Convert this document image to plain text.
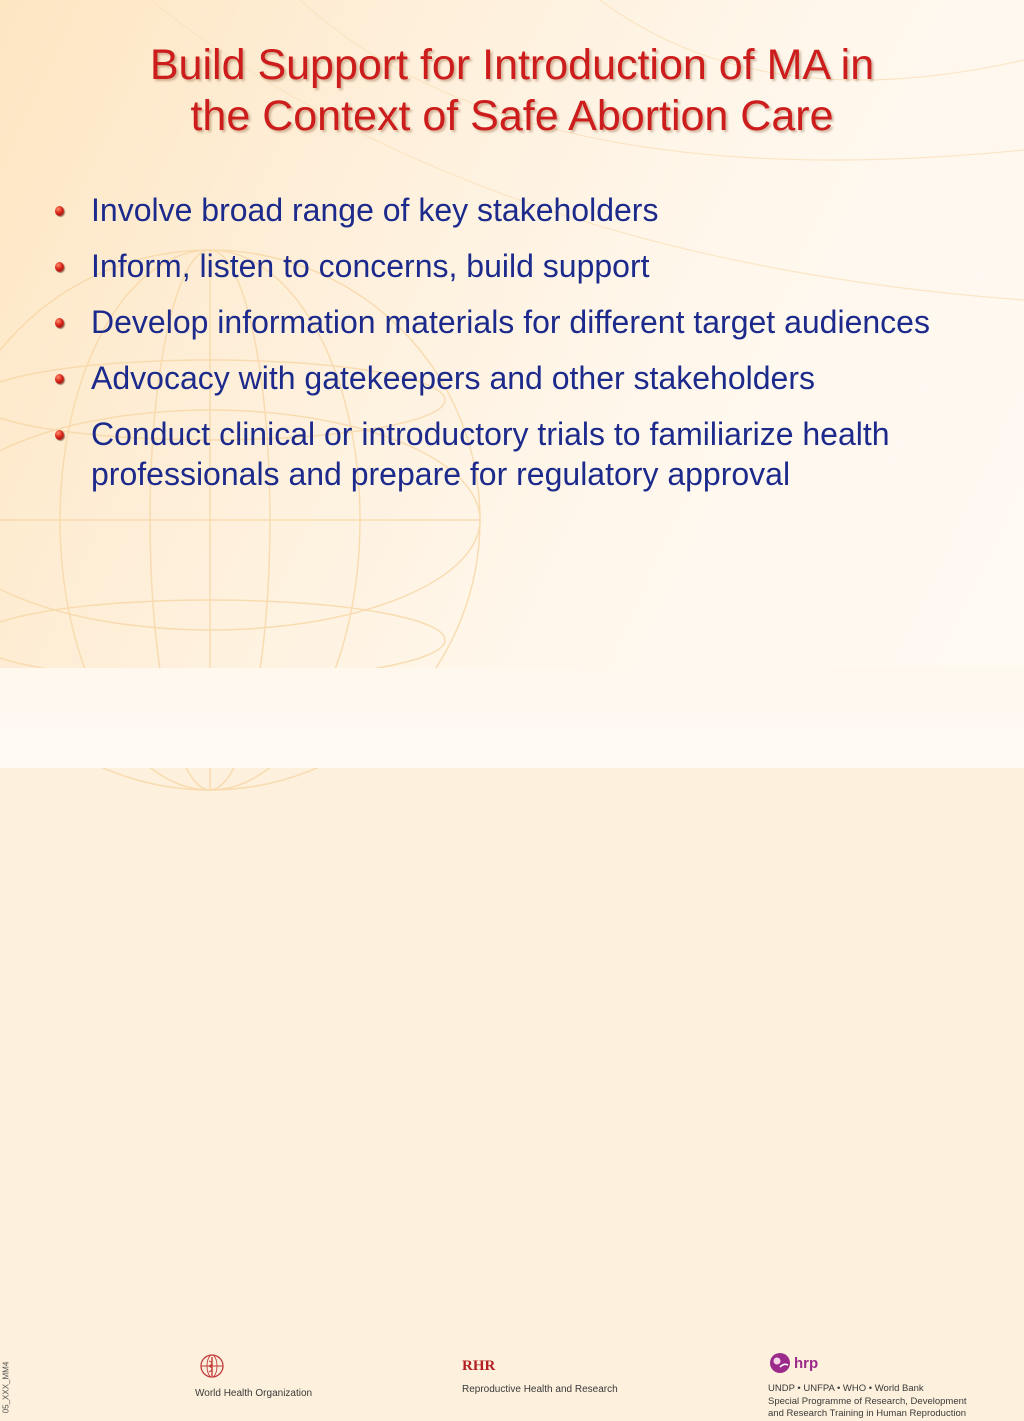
Build Support for Introduction of MA in
the Context of Safe Abortion Care
Involve broad range of key stakeholders
Inform, listen to concerns, build support
Develop information materials for different target audiences
Advocacy with gatekeepers and other stakeholders
Conduct clinical or introductory trials to familiarize health professionals and prepare for regulatory approval
05_XXX_MM4	World Health Organization
RHR
Reproductive Health and Research
hrp
UNDP • UNFPA • WHO • World Bank
Special Programme of Research, Development
and Research Training in Human Reproduction
